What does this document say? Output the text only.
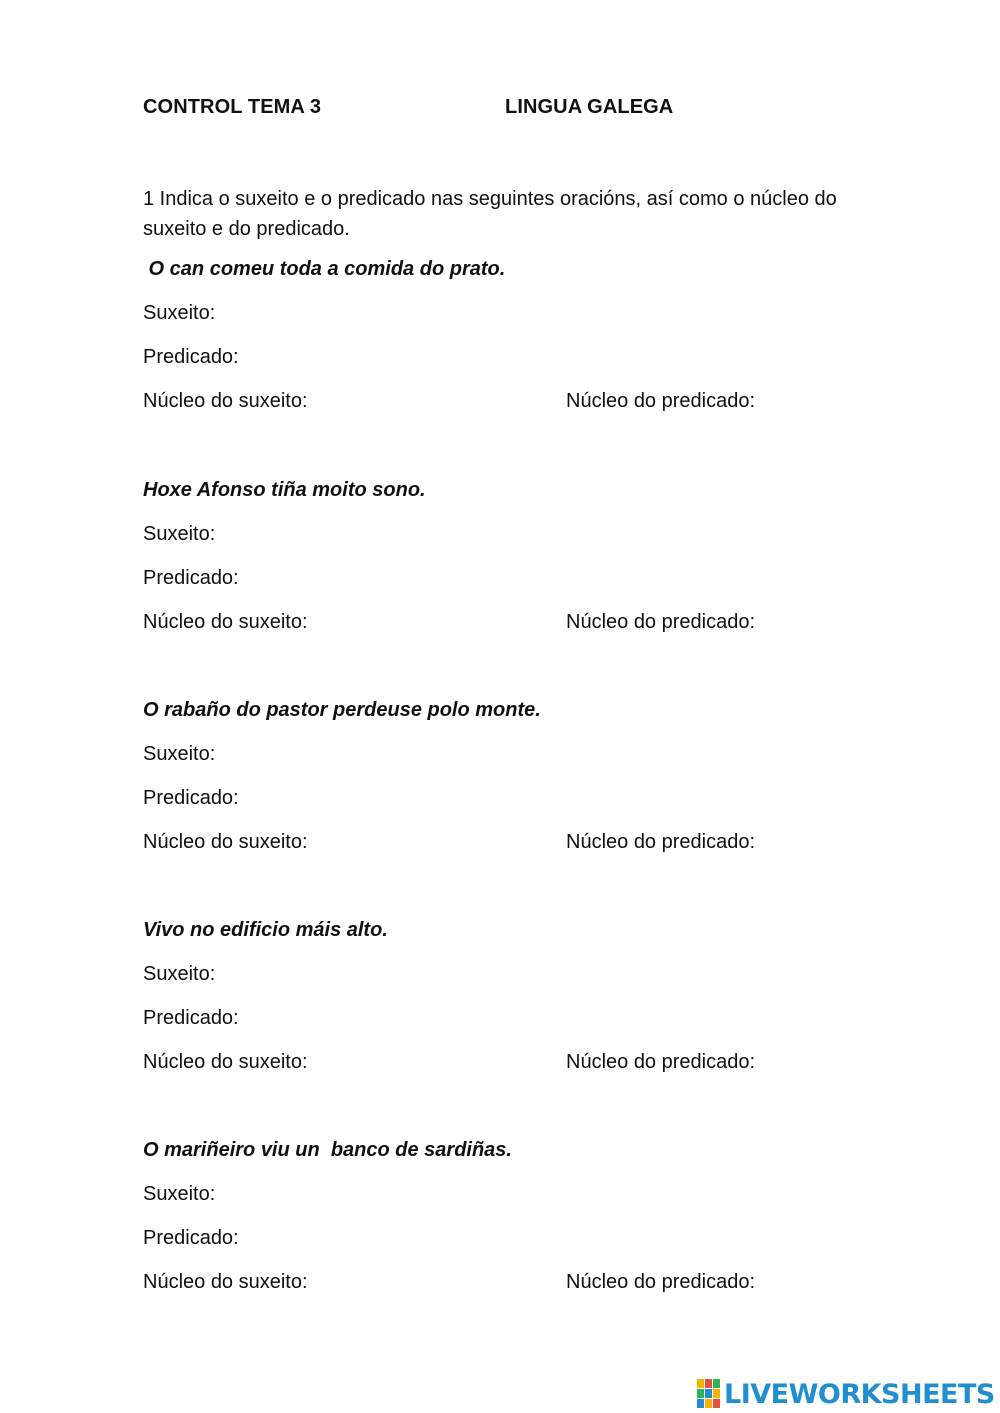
CONTROL TEMA 3	LINGUA GALEGA
1 Indica o suxeito e o predicado nas seguintes oracións, así como o núcleo do suxeito e do predicado.
O can comeu toda a comida do prato.
Suxeito:
Predicado:
Núcleo do suxeito:	Núcleo do predicado:
Hoxe Afonso tiña moito sono.
Suxeito:
Predicado:
Núcleo do suxeito:	Núcleo do predicado:
O rabaño do pastor perdeuse polo monte.
Suxeito:
Predicado:
Núcleo do suxeito:	Núcleo do predicado:
Vivo no edificio máis alto.
Suxeito:
Predicado:
Núcleo do suxeito:	Núcleo do predicado:
O mariñeiro viu un  banco de sardiñas.
Suxeito:
Predicado:
Núcleo do suxeito:	Núcleo do predicado:
LIVEWORKSHEETS
